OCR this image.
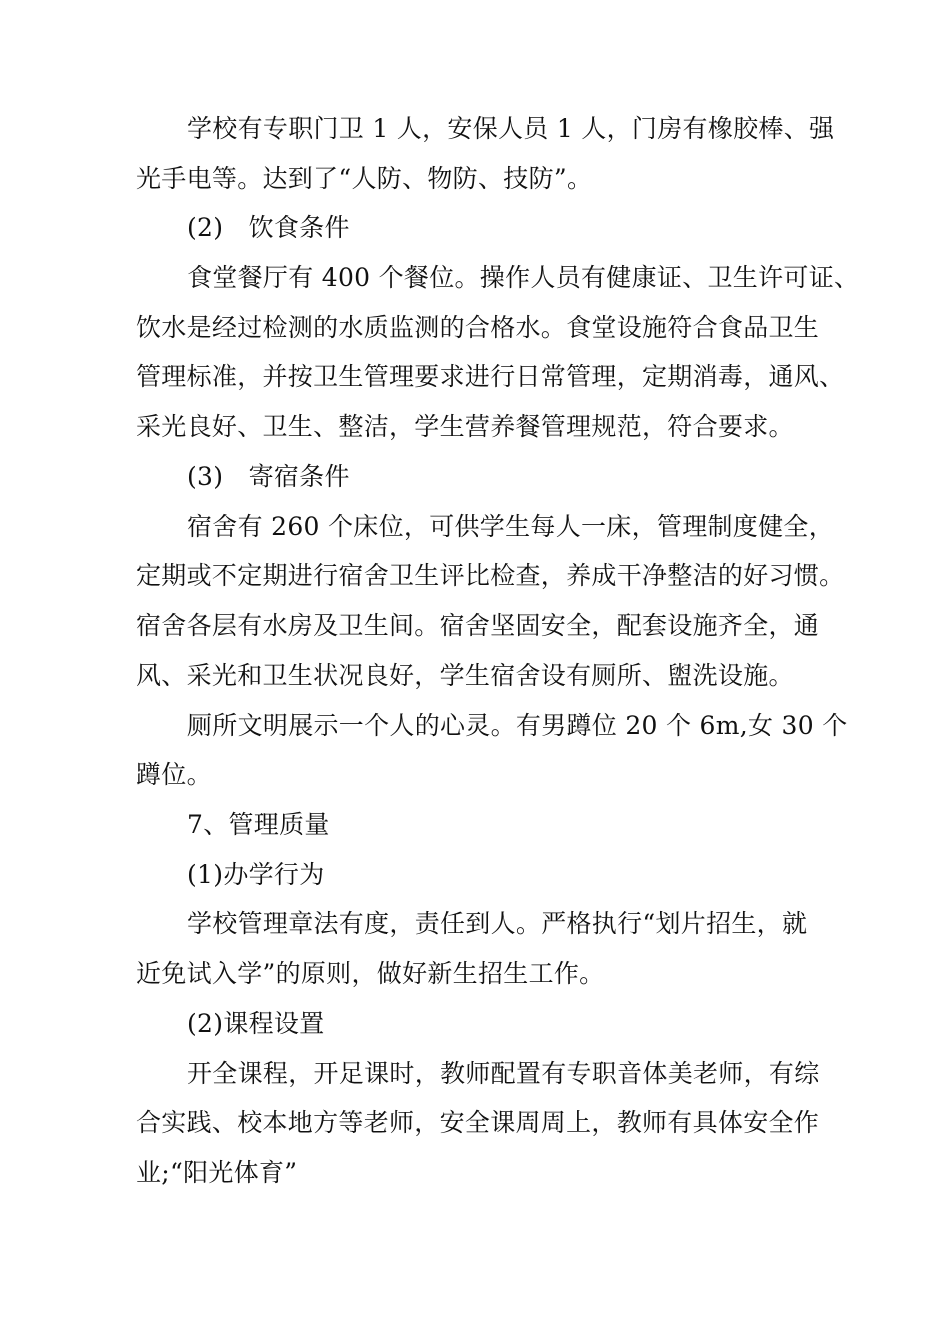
学校有专职门卫 1 人，安保人员 1 人，门房有橡胶棒、强
光手电等。达到了“人防、物防、技防”。
(2)　饮食条件
食堂餐厅有 400 个餐位。操作人员有健康证、卫生许可证、
饮水是经过检测的水质监测的合格水。食堂设施符合食品卫生
管理标准，并按卫生管理要求进行日常管理，定期消毒，通风、
采光良好、卫生、整洁，学生营养餐管理规范，符合要求。
(3)　寄宿条件
宿舍有 260 个床位，可供学生每人一床，管理制度健全，
定期或不定期进行宿舍卫生评比检查，养成干净整洁的好习惯。
宿舍各层有水房及卫生间。宿舍坚固安全，配套设施齐全，通
风、采光和卫生状况良好，学生宿舍设有厕所、盥洗设施。
厕所文明展示一个人的心灵。有男蹲位 20 个 6m,女 30 个
蹲位。
7、管理质量
(1)办学行为
学校管理章法有度，责任到人。严格执行“划片招生，就
近免试入学”的原则，做好新生招生工作。
(2)课程设置
开全课程，开足课时，教师配置有专职音体美老师，有综
合实践、校本地方等老师，安全课周周上，教师有具体安全作
业;“阳光体育”
